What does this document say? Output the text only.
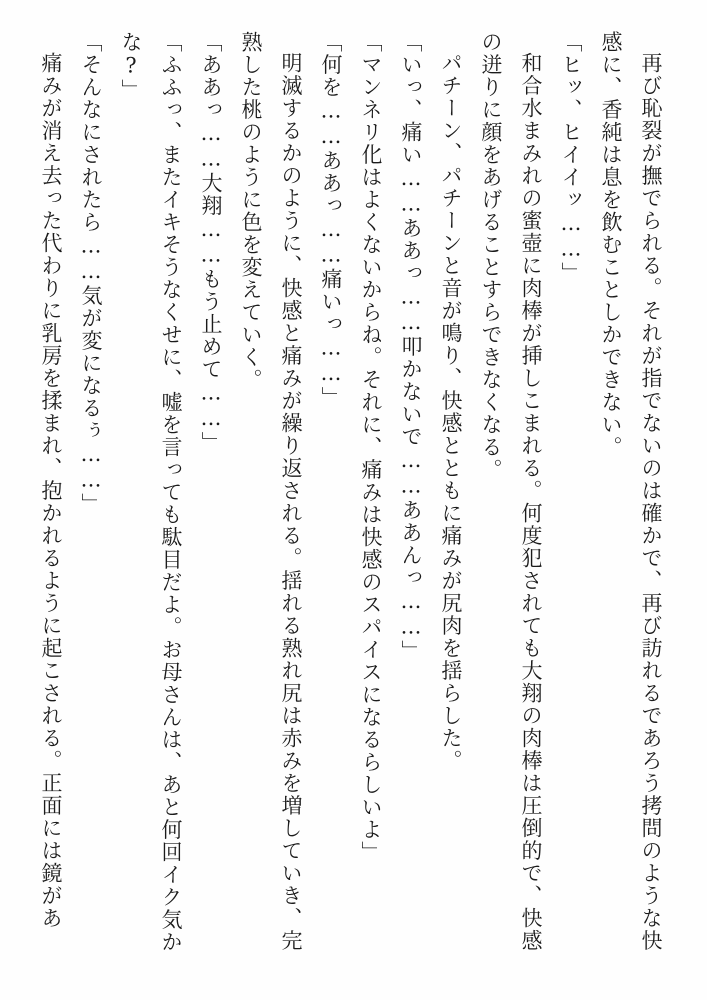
再び恥裂が撫でられる。それが指でないのは確かで、再び訪れるであろう拷問のような快感に、香純は息を飲むことしかできない。

「ヒッ、ヒイイッ……」

和合水まみれの蜜壺に肉棒が挿しこまれる。何度犯されても大翔の肉棒は圧倒的で、快感の迸りに顔をあげることすらできなくなる。

パチーン、パチーンと音が鳴り、快感とともに痛みが尻肉を揺らした。

「いっ、痛い……ああっ……叩かないで……ああんっ……」

「マンネリ化はよくないからね。それに、痛みは快感のスパイスになるらしいよ」

「何を……ああっ……痛いっ……」

明滅するかのように、快感と痛みが繰り返される。揺れる熟れ尻は赤みを増していき、完熟した桃のように色を変えていく。

「ああっ……大翔……もう止めて……」

「ふふっ、またイキそうなくせに、嘘を言っても駄目だよ。お母さんは、あと何回イク気かな?」

「そんなにされたら……気が変になるぅ……」

痛みが消え去った代わりに乳房を揉まれ、抱かれるように起こされる。正面には鏡があ
